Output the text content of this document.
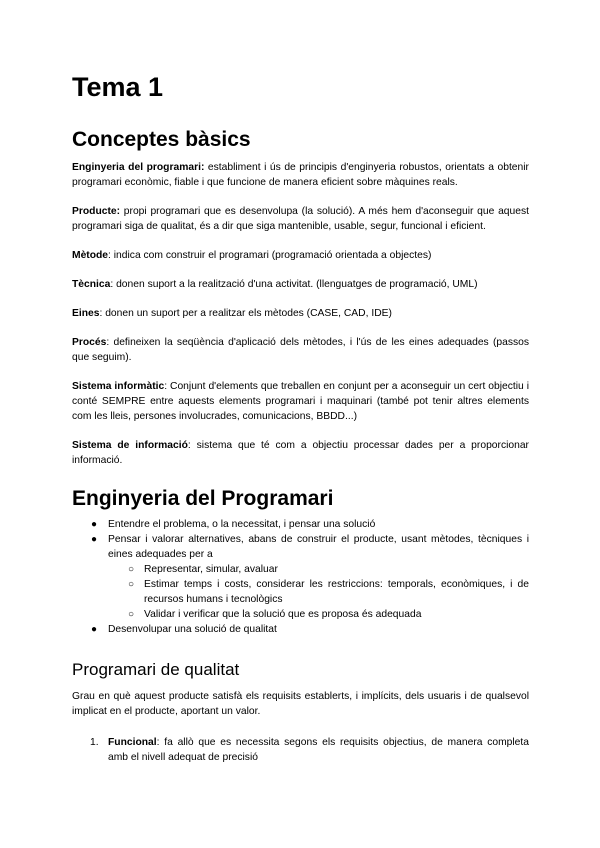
Tema 1
Conceptes bàsics

Enginyeria del programari: establiment i ús de principis d'enginyeria robustos, orientats a obtenir programari econòmic, fiable i que funcione de manera eficient sobre màquines reals.

Producte: propi programari que es desenvolupa (la solució). A més hem d'aconseguir que aquest programari siga de qualitat, és a dir que siga mantenible, usable, segur, funcional i eficient.

Mètode: indica com construir el programari (programació orientada a objectes)

Tècnica: donen suport a la realització d'una activitat. (llenguatges de programació, UML)

Eines: donen un suport per a realitzar els mètodes (CASE, CAD, IDE)

Procés: defineixen la seqüència d'aplicació dels mètodes, i l'ús de les eines adequades (passos que seguim).

Sistema informàtic: Conjunt d'elements que treballen en conjunt per a aconseguir un cert objectiu i conté SEMPRE entre aquests elements programari i maquinari (també pot tenir altres elements com les lleis, persones involucrades, comunicacions, BBDD...)

Sistema de informació: sistema que té com a objectiu processar dades per a proporcionar informació.

Enginyeria del Programari
● Entendre el problema, o la necessitat, i pensar una solució
● Pensar i valorar alternatives, abans de construir el producte, usant mètodes, tècniques i eines adequades per a
○ Representar, simular, avaluar
○ Estimar temps i costs, considerar les restriccions: temporals, econòmiques, i de recursos humans i tecnològics
○ Validar i verificar que la solució que es proposa és adequada
● Desenvolupar una solució de qualitat
Programari de qualitat

Grau en què aquest producte satisfà els requisits establerts, i implícits, dels usuaris i de qualsevol implicat en el producte, aportant un valor.

1. Funcional: fa allò que es necessita segons els requisits objectius, de manera completa amb el nivell adequat de precisió
